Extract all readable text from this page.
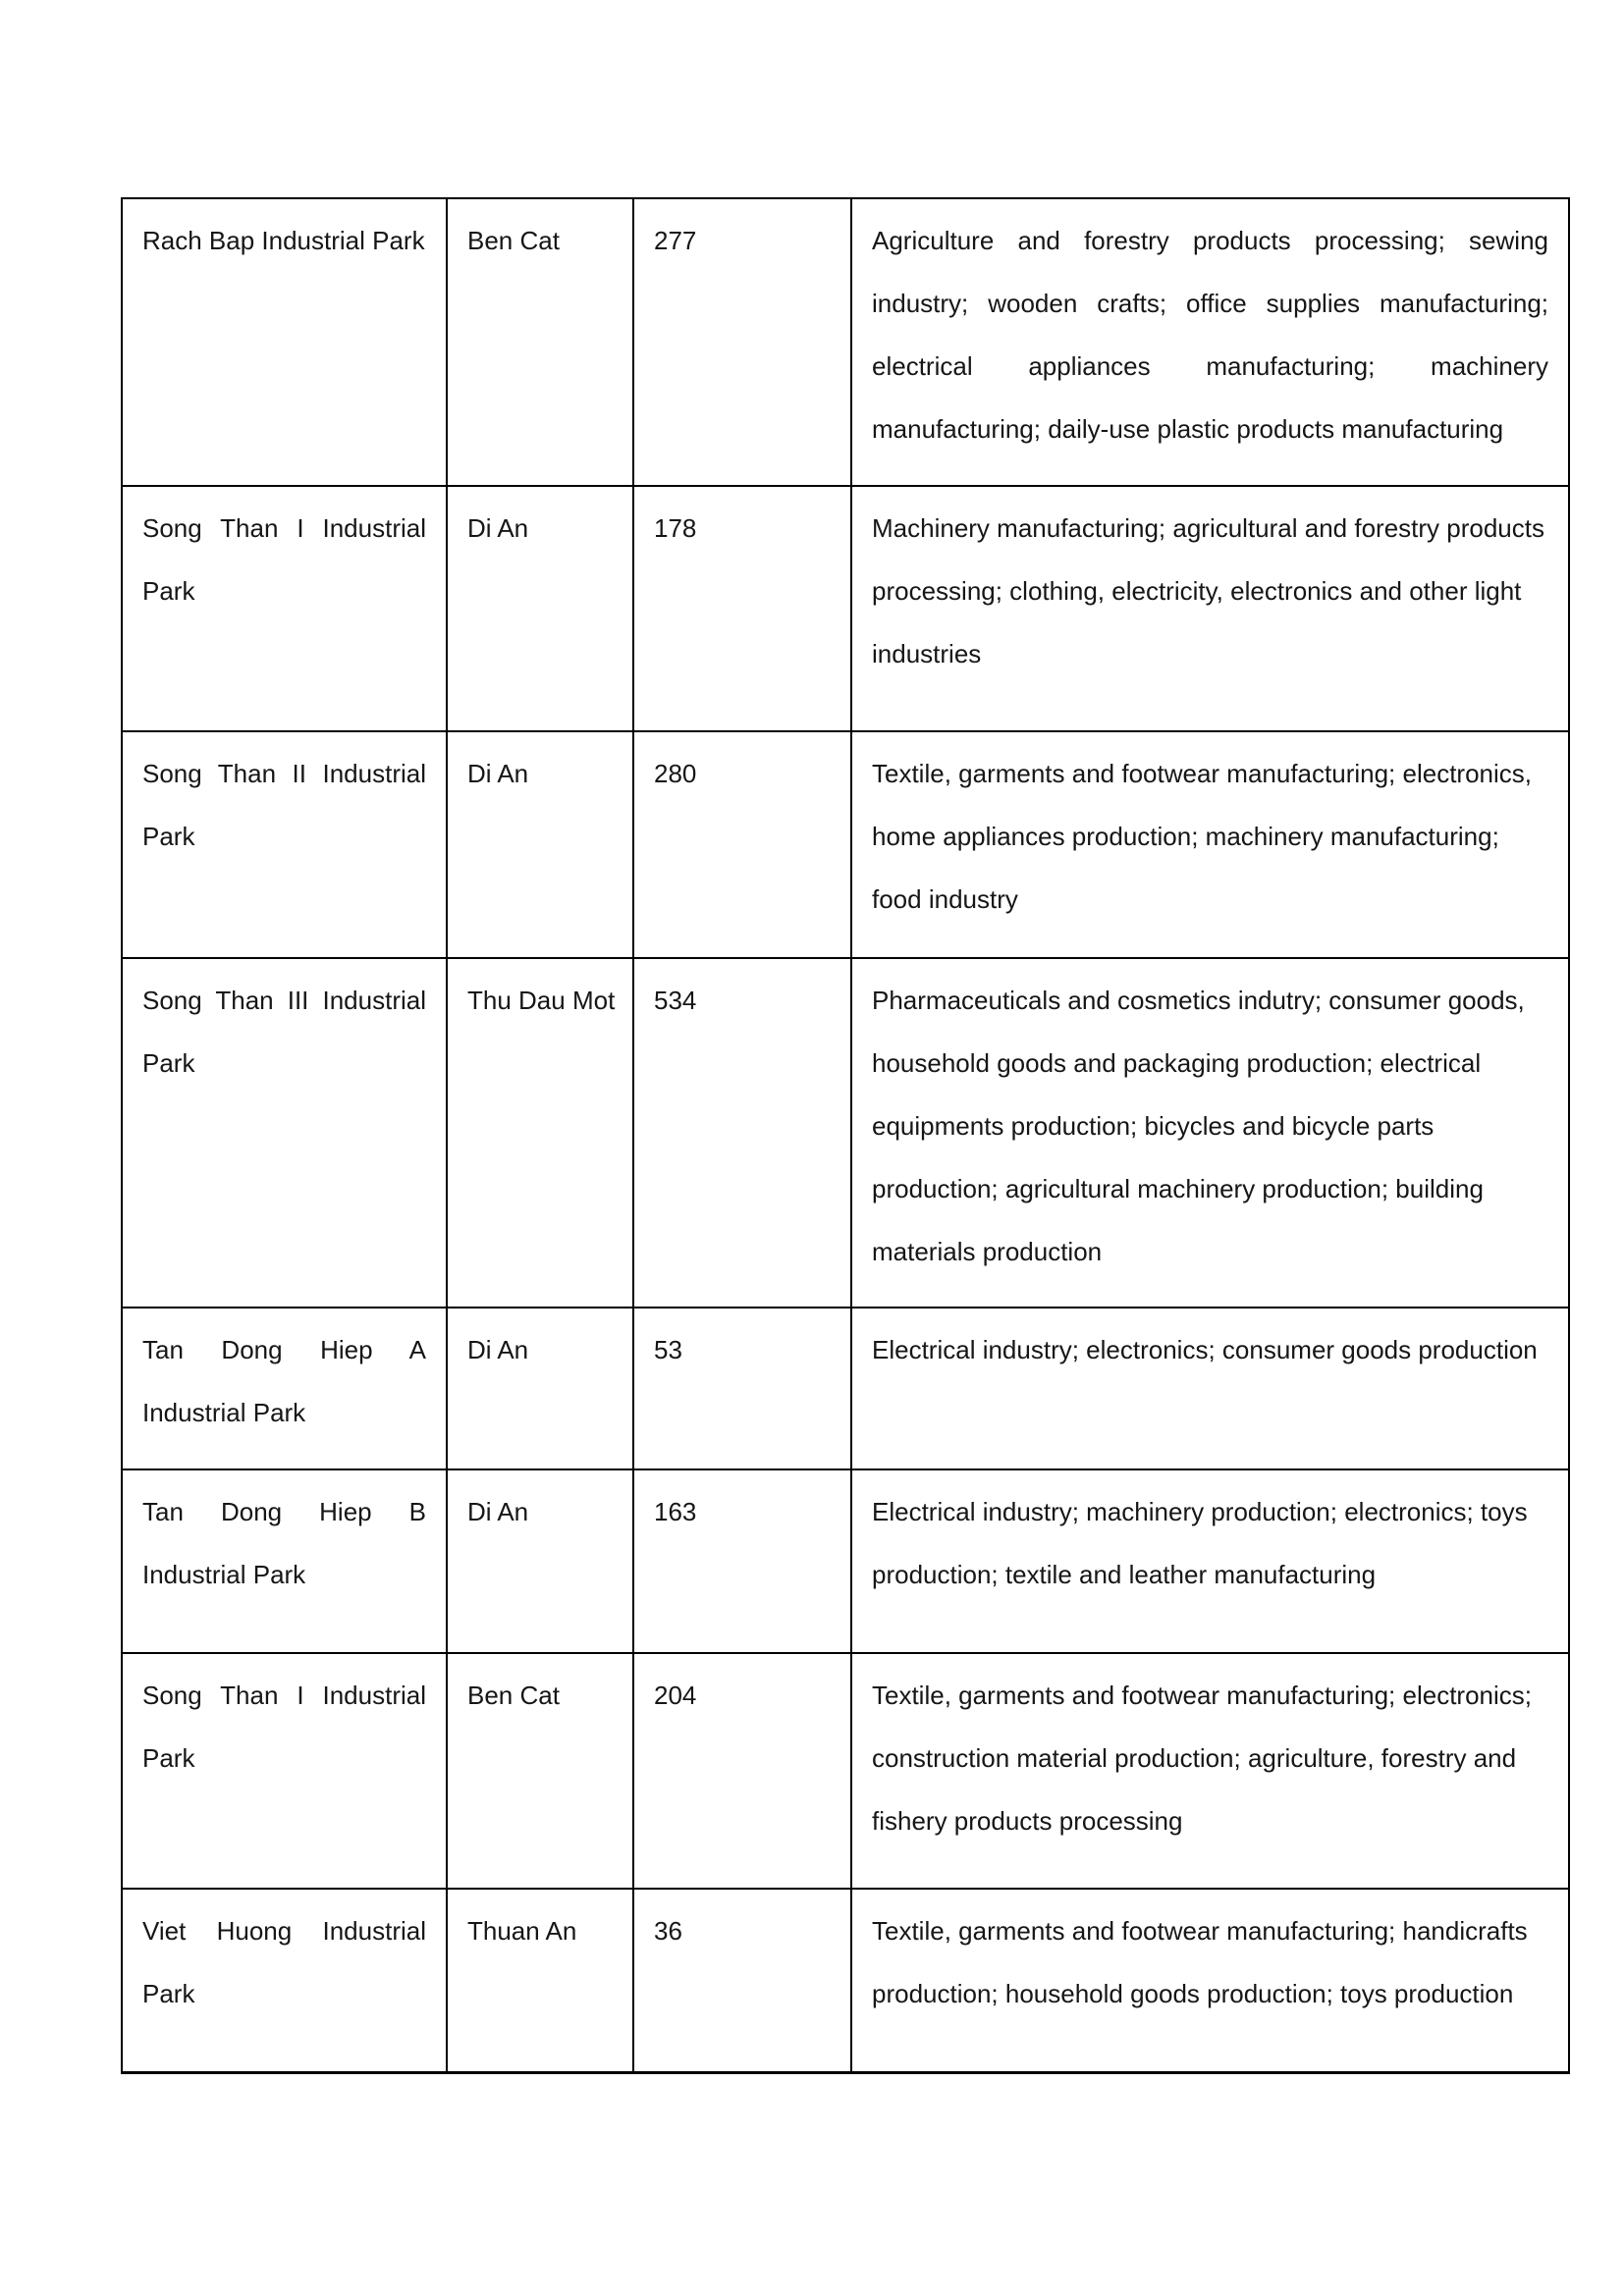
Rach Bap Industrial Park	Ben Cat	277	Agriculture and forestry products processing; sewing industry; wooden crafts; office supplies manufacturing; electrical appliances manufacturing; machinery manufacturing; daily-use plastic products manufacturing
Song Than I Industrial Park	Di An	178	Machinery manufacturing; agricultural and forestry products processing; clothing, electricity, electronics and other light industries
Song Than II Industrial Park	Di An	280	Textile, garments and footwear manufacturing; electronics, home appliances production; machinery manufacturing; food industry
Song Than III Industrial Park	Thu Dau Mot	534	Pharmaceuticals and cosmetics indutry; consumer goods, household goods and packaging production; electrical equipments production; bicycles and bicycle parts production; agricultural machinery production; building materials production
Tan Dong Hiep A Industrial Park	Di An	53	Electrical industry; electronics; consumer goods production
Tan Dong Hiep B Industrial Park	Di An	163	Electrical industry; machinery production; electronics; toys production; textile and leather manufacturing
Song Than I Industrial Park	Ben Cat	204	Textile, garments and footwear manufacturing; electronics; construction material production; agriculture, forestry and fishery products processing
Viet Huong Industrial Park	Thuan An	36	Textile, garments and footwear manufacturing; handicrafts production; household goods production; toys production
